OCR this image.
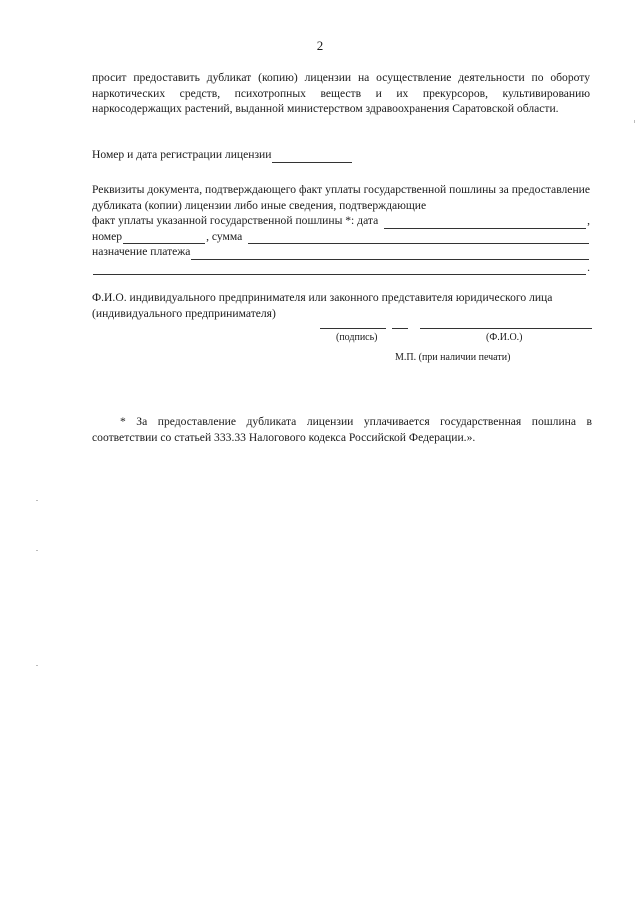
2
просит предоставить дубликат (копию) лицензии на осуществление деятельности по обороту наркотических средств, психотропных веществ и их прекурсоров, культивированию наркосодержащих растений, выданной министерством здравоохранения Саратовской области.
Номер и дата регистрации лицензии
Реквизиты документа, подтверждающего факт уплаты государственной пошлины за предоставление дубликата (копии) лицензии либо иные сведения, подтверждающие
факт уплаты указанной государственной пошлины *: дата	,
номер	, сумма
назначение платежа
.
Ф.И.О. индивидуального предпринимателя или законного представителя юридического лица (индивидуального предпринимателя)
(подпись)	(Ф.И.О.)
М.П. (при наличии печати)
* За предоставление дубликата лицензии уплачивается государственная пошлина в соответствии со статьей 333.33 Налогового кодекса Российской Федерации.».
